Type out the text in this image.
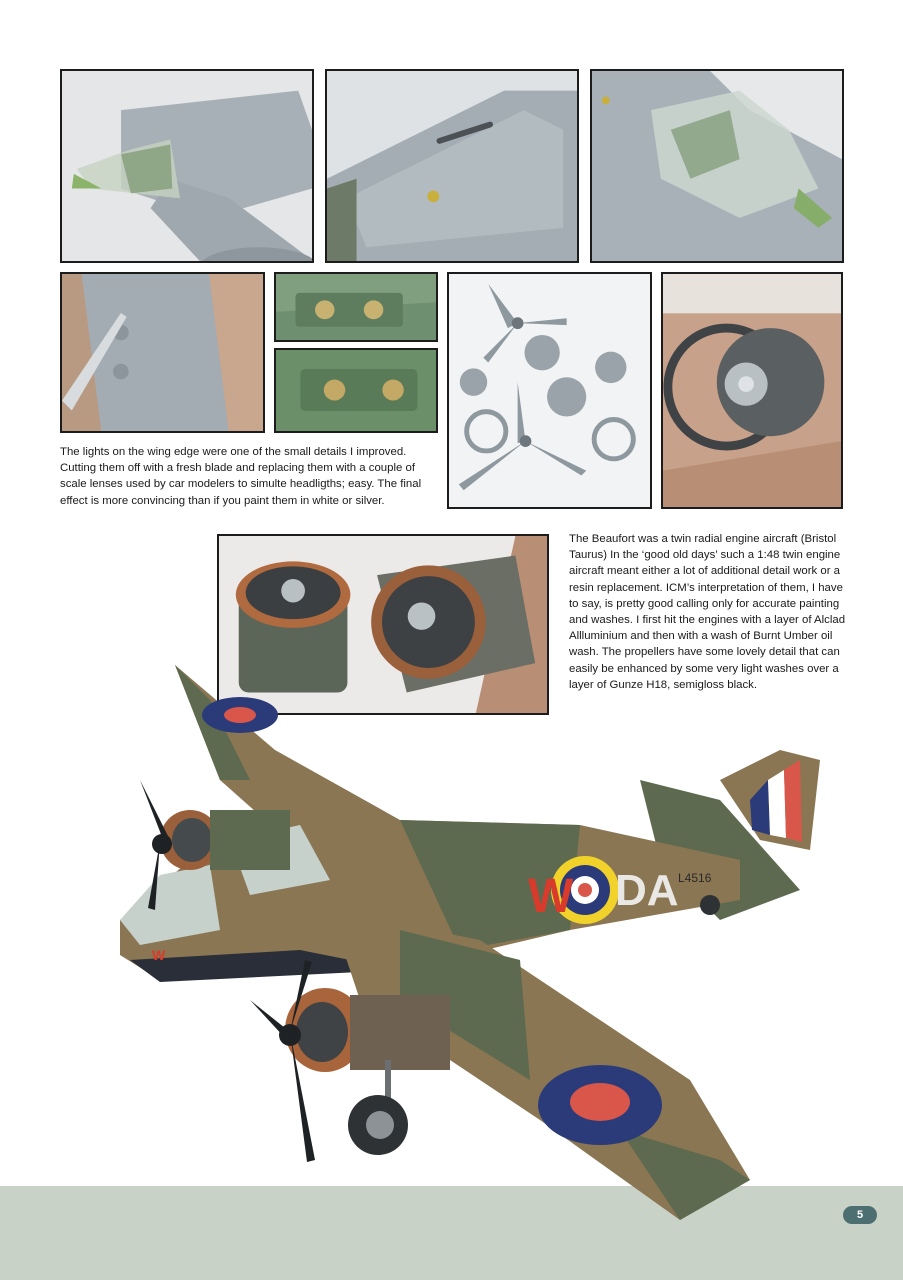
The lights on the wing edge were one of the small details I improved. Cutting them off with a fresh blade and replacing them with a couple of scale lenses used by car modelers to simulte headligths; easy. The final effect is more convincing than if you paint them in white or silver.

The Beaufort was a twin radial engine aircraft (Bristol Taurus) In the ‘good old days’ such a 1:48 twin engine aircraft meant either a lot of additional detail work or a resin replacement. ICM’s interpretation of them, I have to say, is pretty good calling only for accurate painting and washes. I first hit the engines with a layer of Alclad Allluminium and then with a wash of Burnt Umber oil wash. The propellers have some lovely detail that can easily be enhanced by some very light washes over a layer of Gunze H18, semigloss black.

W DA L4516
W
5
